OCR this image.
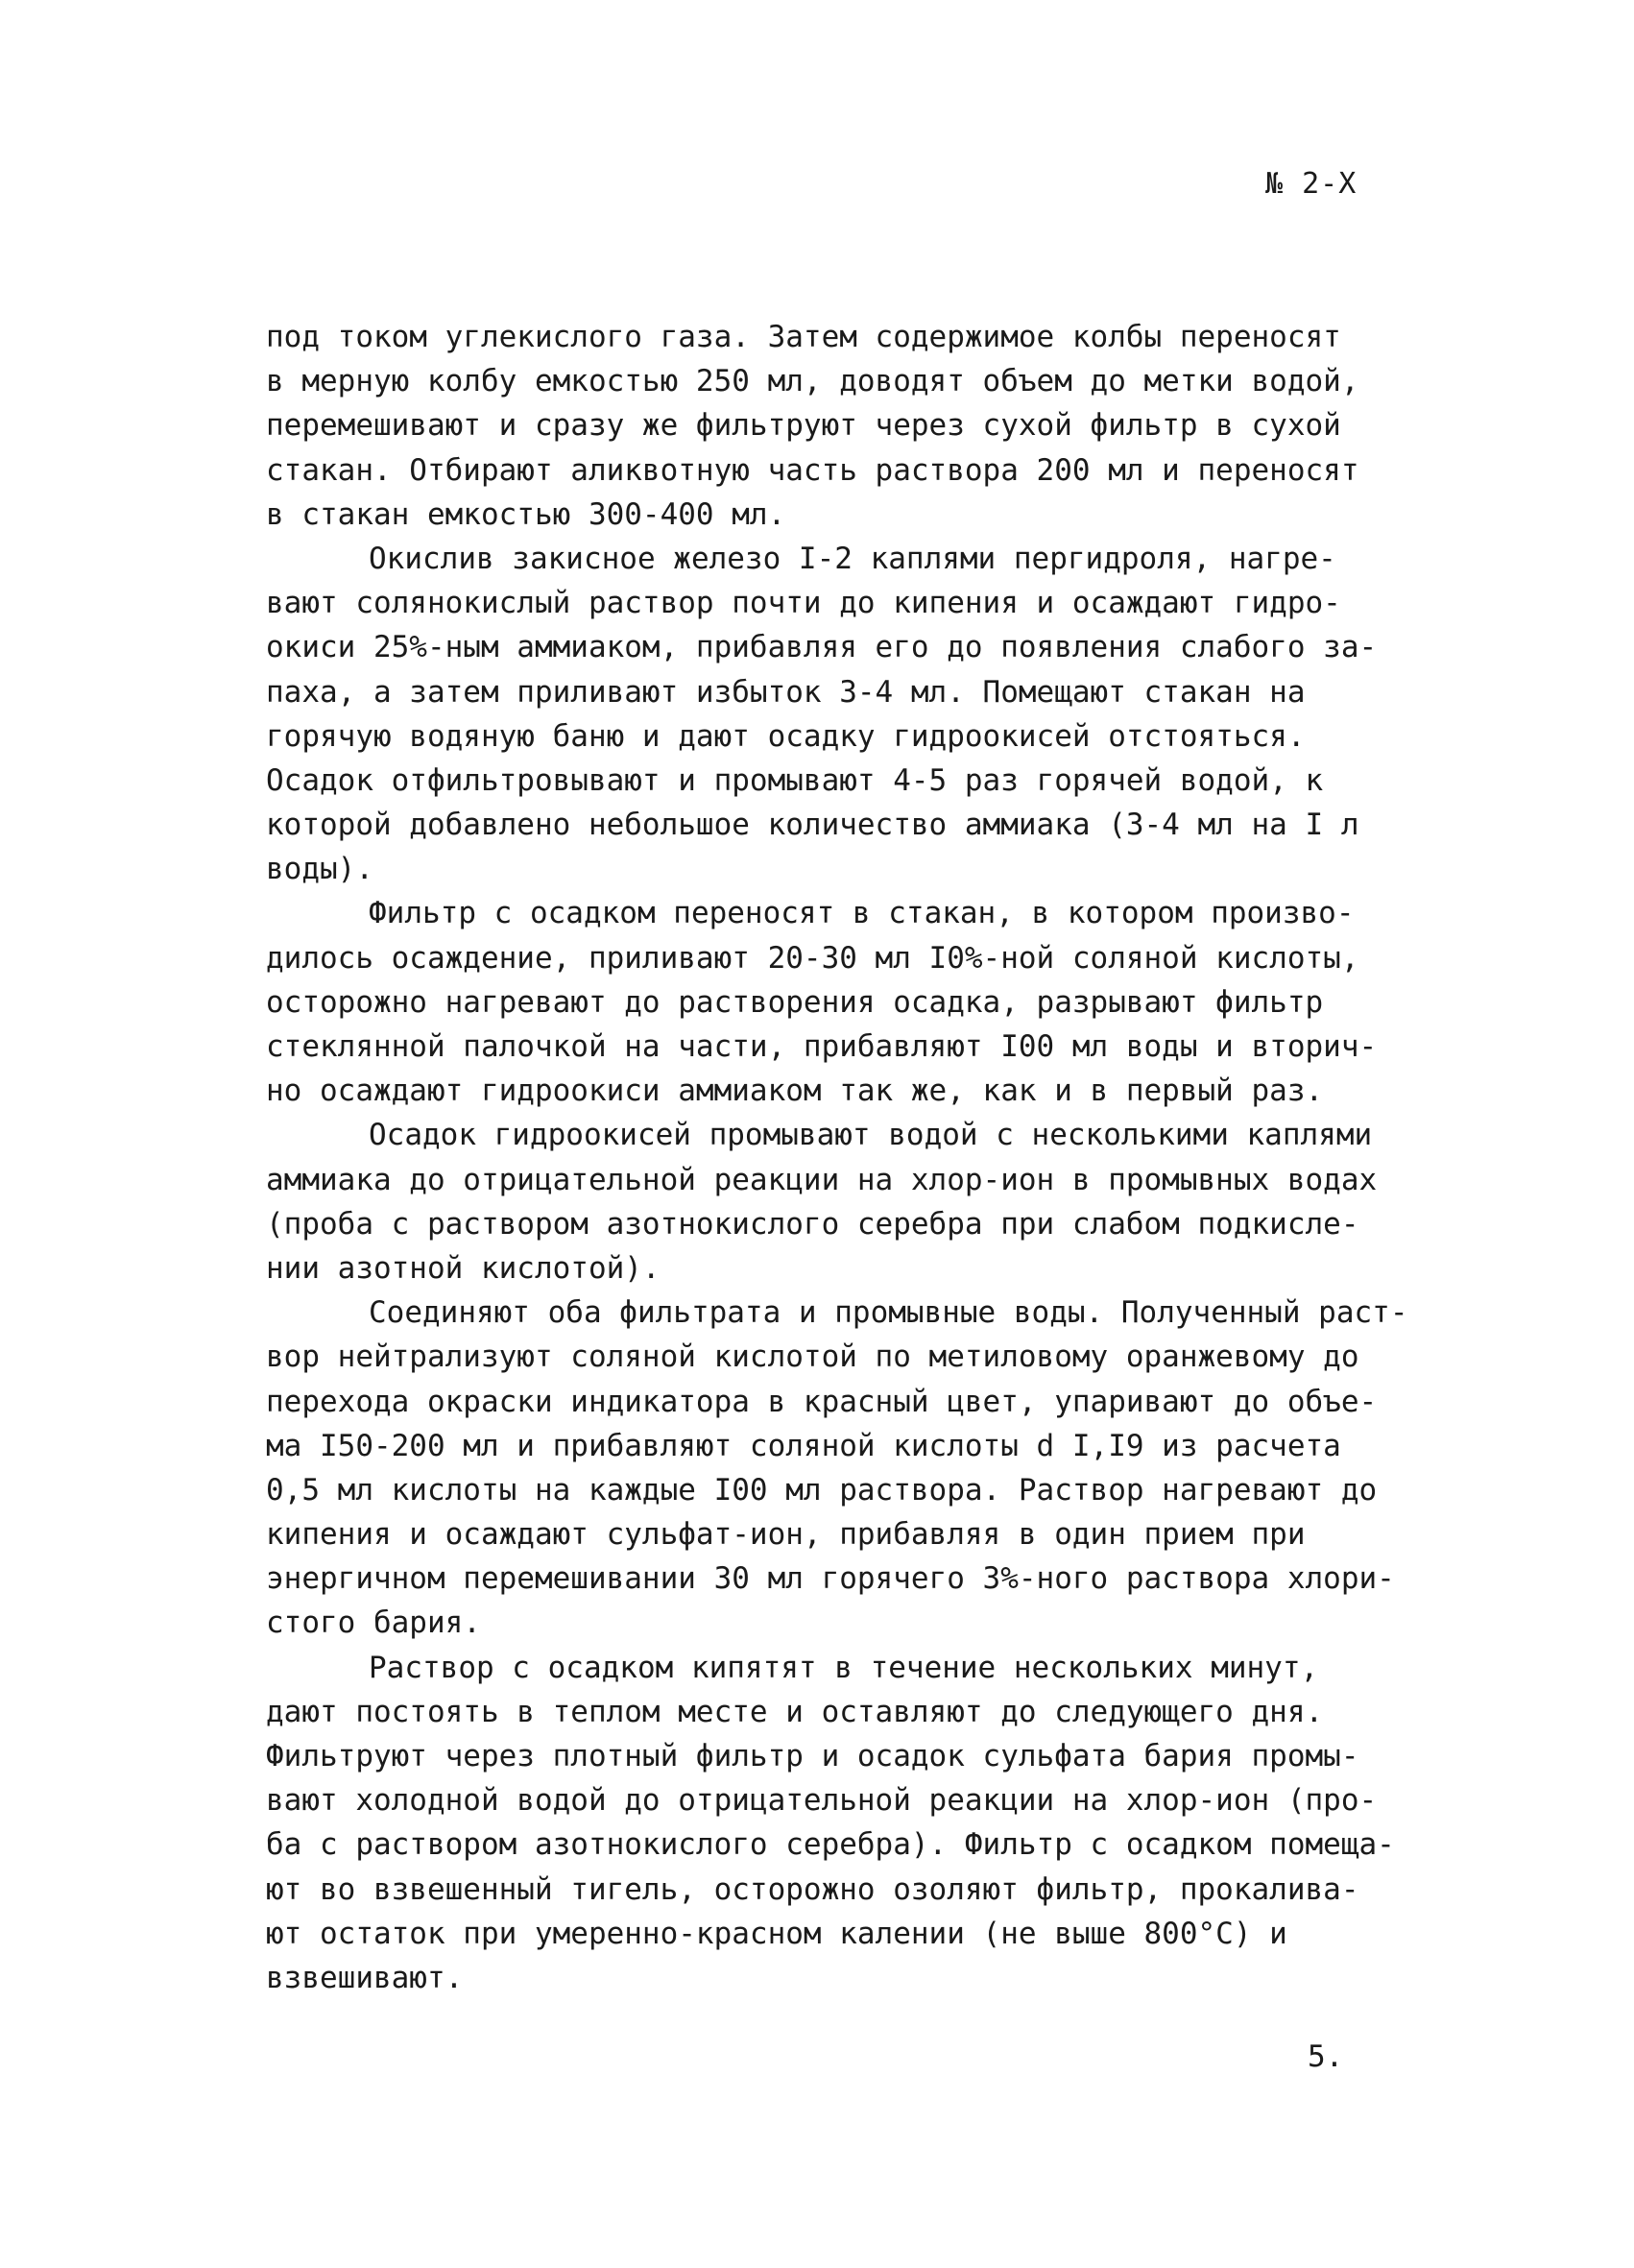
№ 2-Х
под током углекислого газа. Затем содержимое колбы переносят
в мерную колбу емкостью 250 мл, доводят объем до метки водой,
перемешивают и сразу же фильтруют через сухой фильтр в сухой
стакан. Отбирают аликвотную часть раствора 200 мл и переносят
в стакан емкостью 300-400 мл.
Окислив закисное железо I-2 каплями пергидроля, нагре-
вают солянокислый раствор почти до кипения и осаждают гидро-
окиси 25%-ным аммиаком, прибавляя его до появления слабого за-
паха, а затем приливают избыток 3-4 мл. Помещают стакан на
горячую водяную баню и дают осадку гидроокисей отстояться.
Осадок отфильтровывают и промывают 4-5 раз горячей водой, к
которой добавлено небольшое количество аммиака (3-4 мл на I л
воды).
Фильтр с осадком переносят в стакан, в котором произво-
дилось осаждение, приливают 20-30 мл I0%-ной соляной кислоты,
осторожно нагревают до растворения осадка, разрывают фильтр
стеклянной палочкой на части, прибавляют I00 мл воды и вторич-
но осаждают гидроокиси аммиаком так же, как и в первый раз.
Осадок гидроокисей промывают водой с несколькими каплями
аммиака до отрицательной реакции на хлор-ион в промывных водах
(проба с раствором азотнокислого серебра при слабом подкисле-
нии азотной кислотой).
Соединяют оба фильтрата и промывные воды. Полученный раст-
вор нейтрализуют соляной кислотой по метиловому оранжевому до
перехода окраски индикатора в красный цвет, упаривают до объе-
ма I50-200 мл и прибавляют соляной кислоты d I,I9 из расчета
0,5 мл кислоты на каждые I00 мл раствора. Раствор нагревают до
кипения и осаждают сульфат-ион, прибавляя в один прием при
энергичном перемешивании 30 мл горячего 3%-ного раствора хлори-
стого бария.
Раствор с осадком кипятят в течение нескольких минут,
дают постоять в теплом месте и оставляют до следующего дня.
Фильтруют через плотный фильтр и осадок сульфата бария промы-
вают холодной водой до отрицательной реакции на хлор-ион (про-
ба с раствором азотнокислого серебра). Фильтр с осадком помеща-
ют во взвешенный тигель, осторожно озоляют фильтр, прокалива-
ют остаток при умеренно-красном калении (не выше 800°С) и
взвешивают.
5.
